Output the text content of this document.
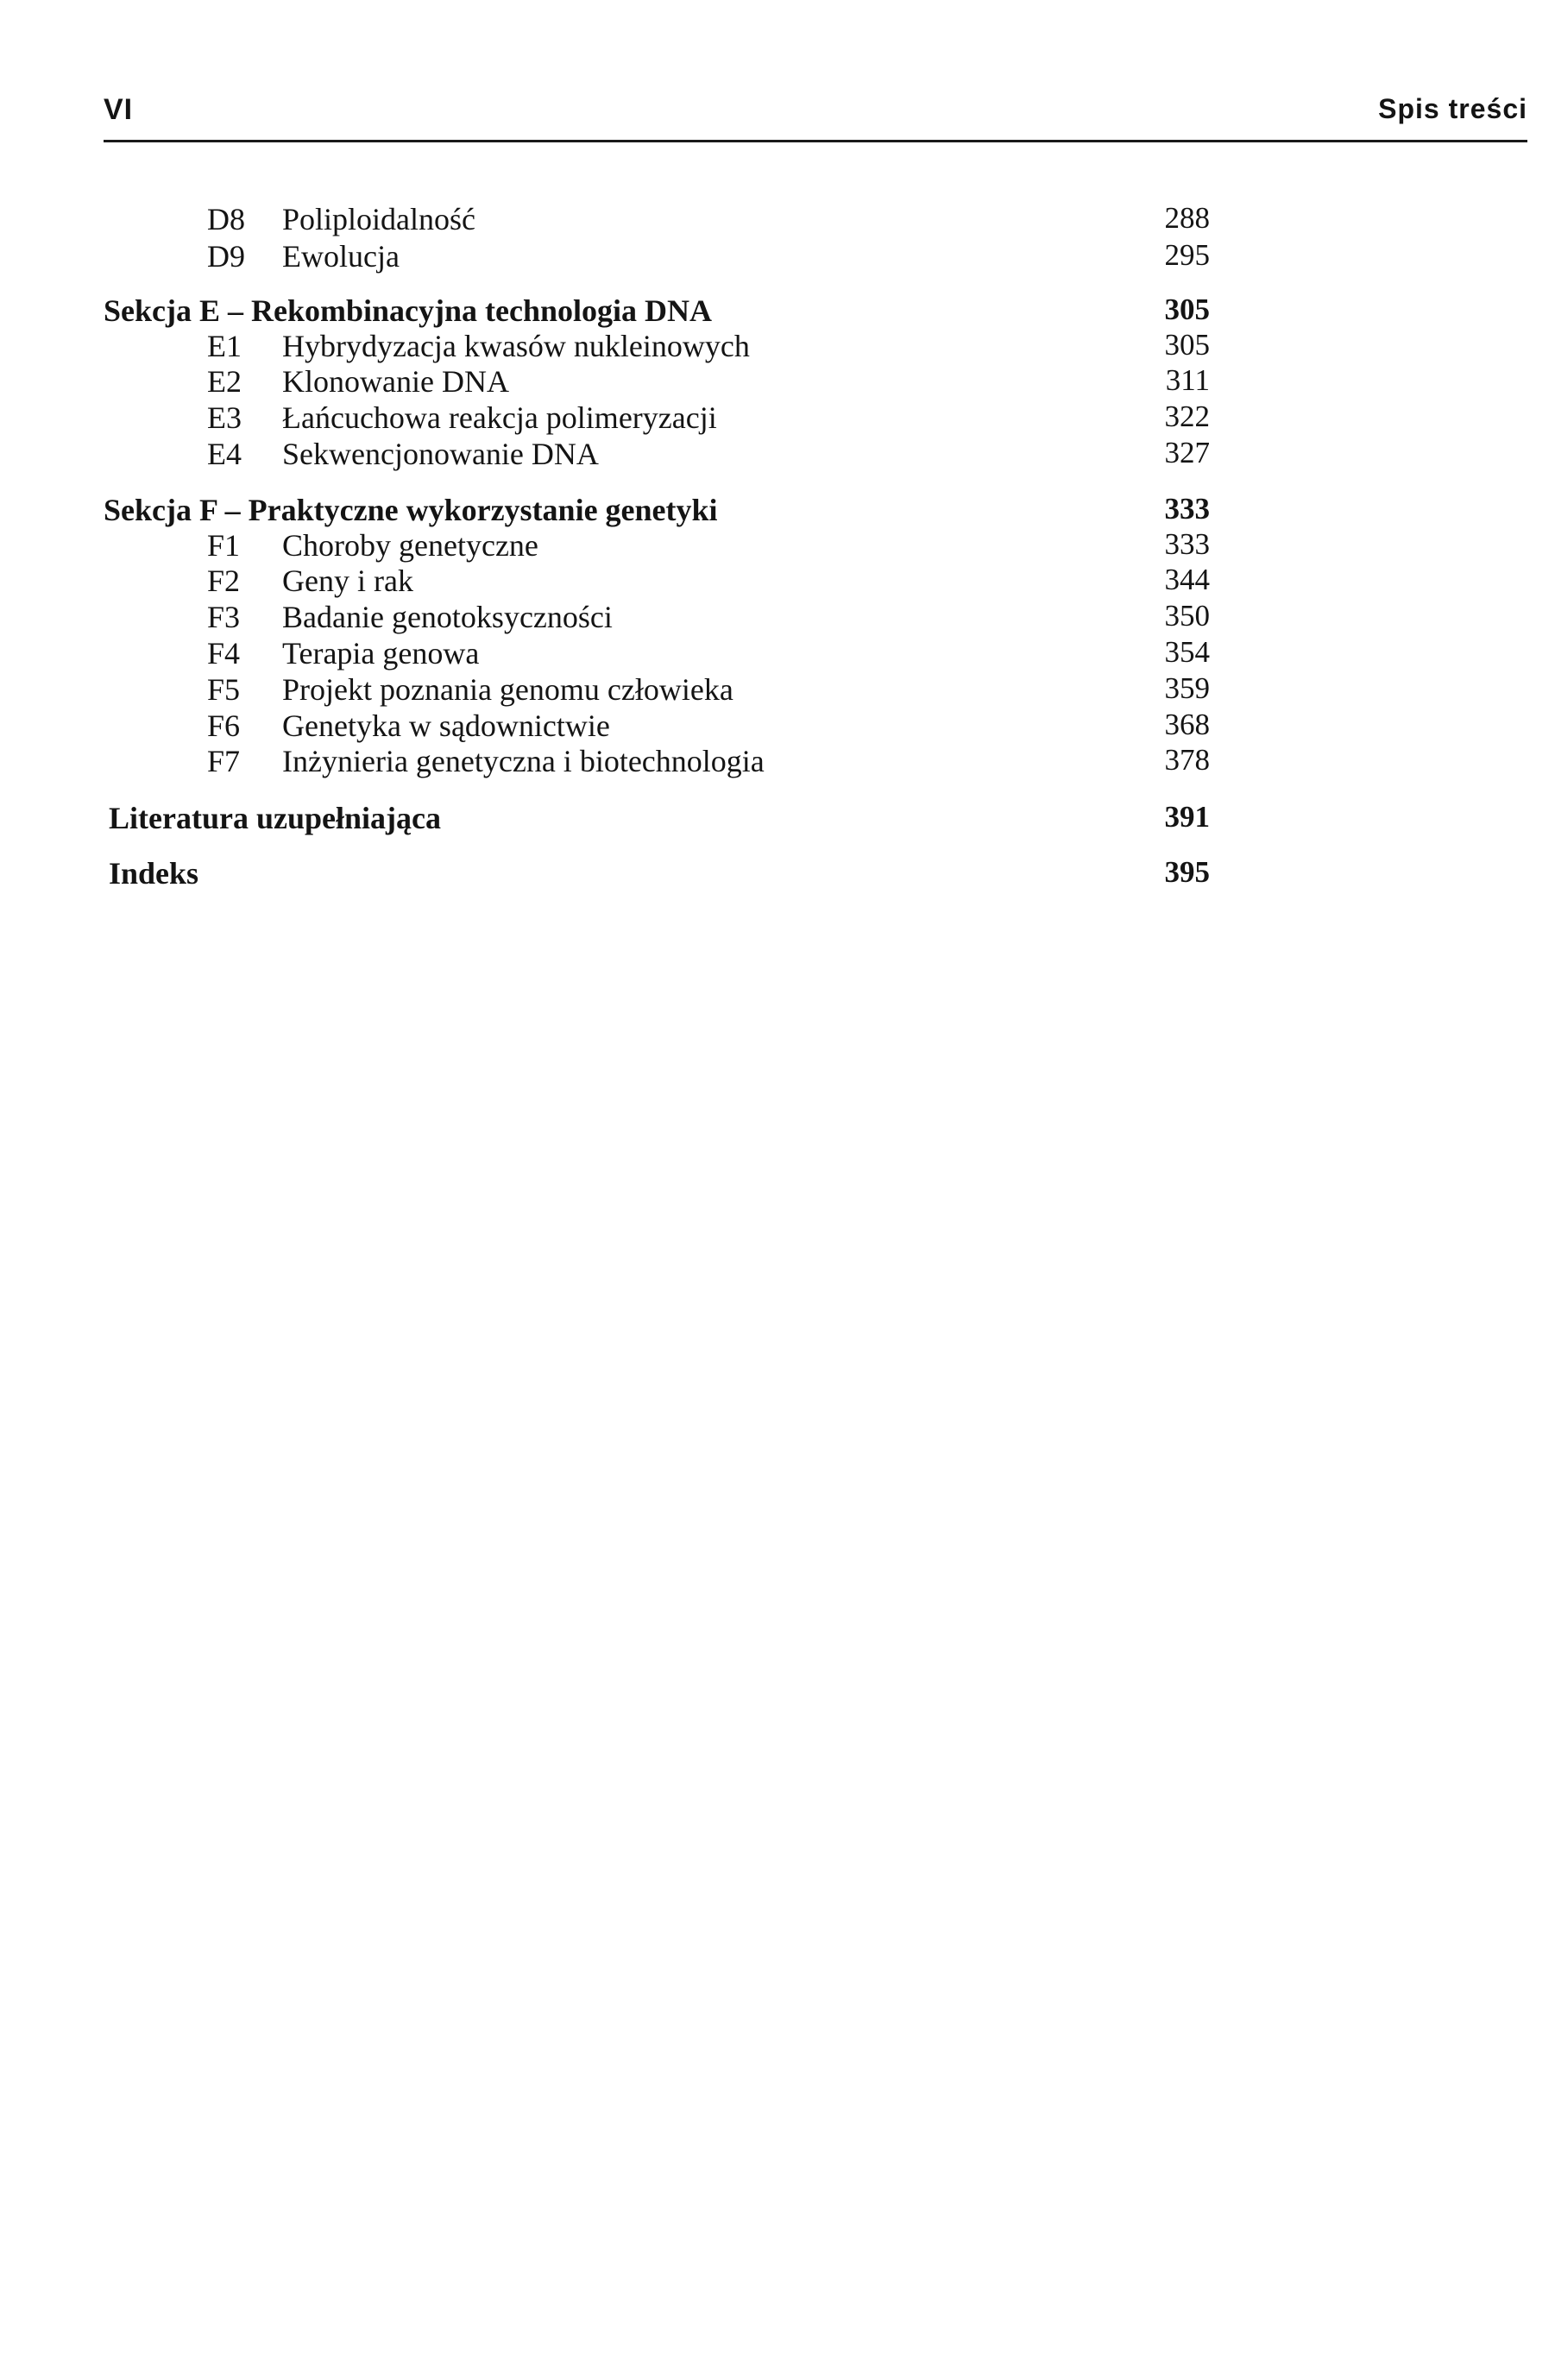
VI	Spis treści
D8 Poliploidalność	288
D9 Ewolucja	295
Sekcja E – Rekombinacyjna technologia DNA	305
E1 Hybrydyzacja kwasów nukleinowych	305
E2 Klonowanie DNA	311
E3 Łańcuchowa reakcja polimeryzacji	322
E4 Sekwencjonowanie DNA	327
Sekcja F – Praktyczne wykorzystanie genetyki	333
F1 Choroby genetyczne	333
F2 Geny i rak	344
F3 Badanie genotoksyczności	350
F4 Terapia genowa	354
F5 Projekt poznania genomu człowieka	359
F6 Genetyka w sądownictwie	368
F7 Inżynieria genetyczna i biotechnologia	378
Literatura uzupełniająca	391
Indeks	395
